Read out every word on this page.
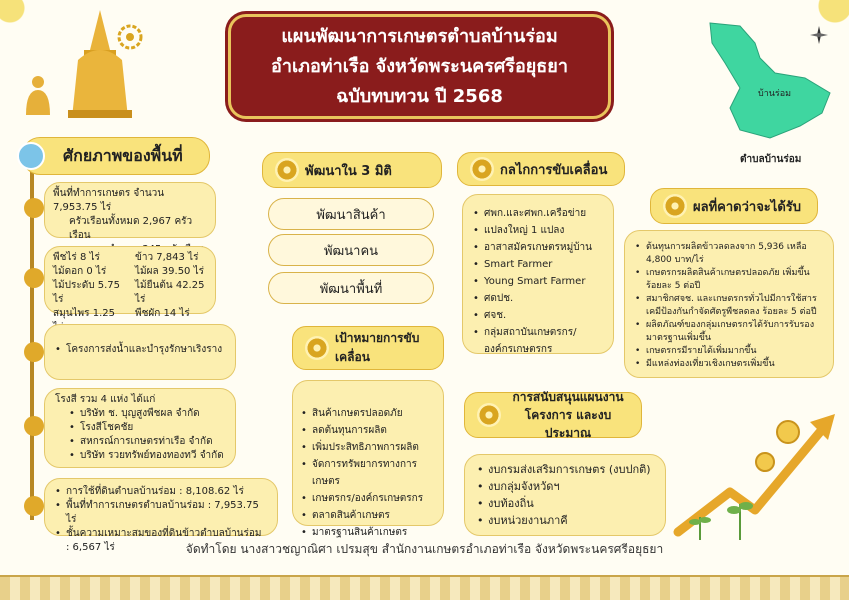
แผนพัฒนาการเกษตรตำบลบ้านร่อม
อำเภอท่าเรือ จังหวัดพระนครศรีอยุธยา
ฉบับทบทวน ปี 2568	บ้านร่อม
ตำบลบ้านร่อม
ศักยภาพของพื้นที่
พื้นที่ทำการเกษตร จำนวน 7,953.75 ไร่
ครัวเรือนทั้งหมด 2,967 ครัวเรือน
พืชไร่ 8 ไร่
ไม้ดอก 0 ไร่
ไม้ประดับ 5.75 ไร่
สมุนไพร 1.25
ข้าว 7,843 ไร่
ไม้ผล 39.50 ไร่
ไม้ยืนต้น 42.25 ไร่
พืชผัก 14 ไร่
• โครงการส่งน้ำและบำรุงรักษาเริงราง
โรงสี รวม 4 แห่ง ได้แก่
• บริษัท ช. บุญสูงพืชผล จำกัด
• โรงสีโชคชัย
• สหกรณ์การเกษตรท่าเรือ จำกัด
• บริษัท รวยทรัพย์ทองทองทวี จำกัด
• การใช้ที่ดินตำบลบ้านร่อม : 8,108.62 ไร่
• พื้นที่ทำการเกษตรตำบลบ้านร่อม : 7,953.75 ไร่
• ชั้นความเหมาะสมของที่ดินข้าวตำบลบ้านร่อม : 6,567 ไร่
พัฒนาใน 3 มิติ
พัฒนาสินค้า
พัฒนาคน
พัฒนาพื้นที่
เป้าหมายการขับเคลื่อน
• สินค้าเกษตรปลอดภัย
• ลดต้นทุนการผลิต
• เพิ่มประสิทธิภาพการผลิต
• จัดการทรัพยากรทางการเกษตร
• เกษตรกร/องค์กรเกษตรกร
• ตลาดสินค้าเกษตร
• มาตรฐานสินค้าเกษตร
กลไกการขับเคลื่อน
• ศพก.และศพก.เครือข่าย
• แปลงใหญ่ 1 แปลง
• อาสาสมัครเกษตรหมู่บ้าน
• Smart Farmer
• Young Smart Farmer
• ศดปช.
• ศจช.
• กลุ่มสถาบันเกษตรกร/องค์กรเกษตรกร
การสนับสนุนแผนงาน
โครงการ และงบประมาณ
• งบกรมส่งเสริมการเกษตร (งบปกติ)
• งบกลุ่มจังหวัดฯ
• งบท้องถิ่น
• งบหน่วยงานภาคี
ผลที่คาดว่าจะได้รับ
• ต้นทุนการผลิตข้าวลดลงจาก 5,936 เหลือ 4,800 บาท/ไร่
• เกษตรกรผลิตสินค้าเกษตรปลอดภัย เพิ่มขึ้น ร้อยละ 5 ต่อปี
• สมาชิกศจช. และเกษตรกรทั่วไปมีการใช้สารเคมีป้องกันกำจัดศัตรูพืชลดลง ร้อยละ 5 ต่อปี
• ผลิตภัณฑ์ของกลุ่มเกษตรกรได้รับการรับรองมาตรฐานเพิ่มขึ้น
• เกษตรกรมีรายได้เพิ่มมากขึ้น
• มีแหล่งท่องเที่ยวเชิงเกษตรเพิ่มขึ้น
จัดทำโดย นางสาวชญาณิศา เปรมสุข สำนักงานเกษตรอำเภอท่าเรือ จังหวัดพระนครศรีอยุธยา
